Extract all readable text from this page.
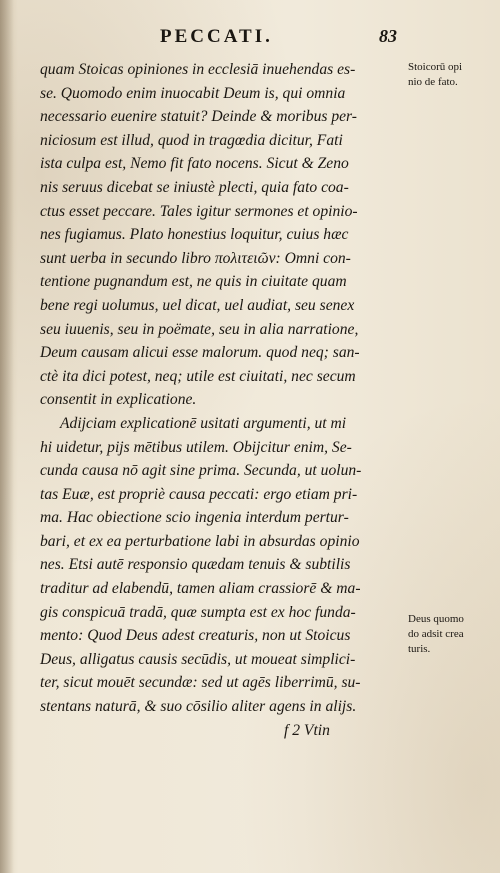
PECCATI.	83
quam Stoicas opiniones in ecclesiā inuehendas es-
se. Quomodo enim inuocabit Deum is, qui omnia
necessario euenire statuit? Deinde & moribus per-
niciosum est illud, quod in tragœdia dicitur, Fati
ista culpa est, Nemo fit fato nocens. Sicut & Zeno
nis seruus dicebat se iniustè plecti, quia fato coa-
ctus esset peccare. Tales igitur sermones et opinio-
nes fugiamus. Plato honestius loquitur, cuius hæc
sunt uerba in secundo libro πολιτειῶν: Omni con-
tentione pugnandum est, ne quis in ciuitate quam
bene regi uolumus, uel dicat, uel audiat, seu senex
seu iuuenis, seu in poëmate, seu in alia narratione,
Deum causam alicui esse malorum. quod neq; san-
ctè ita dici potest, neq; utile est ciuitati, nec secum
consentit in explicatione.
Adijciam explicationē usitati argumenti, ut mi
hi uidetur, pijs mētibus utilem. Obijcitur enim, Se-
cunda causa nō agit sine prima. Secunda, ut uolun-
tas Euæ, est propriè causa peccati: ergo etiam pri-
ma. Hac obiectione scio ingenia interdum pertur-
bari, et ex ea perturbatione labi in absurdas opinio
nes. Etsi autē responsio quædam tenuis & subtilis
traditur ad elabendū, tamen aliam crassiorē & ma-
gis conspicuā tradā, quæ sumpta est ex hoc funda-
mento: Quod Deus adest creaturis, non ut Stoicus
Deus, alligatus causis secūdis, ut moueat simplici-
ter, sicut mouēt secundæ: sed ut agēs liberrimū, su-
stentans naturā, & suo cōsilio aliter agens in alijs.
f 2 Vtin
Stoicorū opi
nio de fato.
Deus quomo
do adsit crea
turis.
